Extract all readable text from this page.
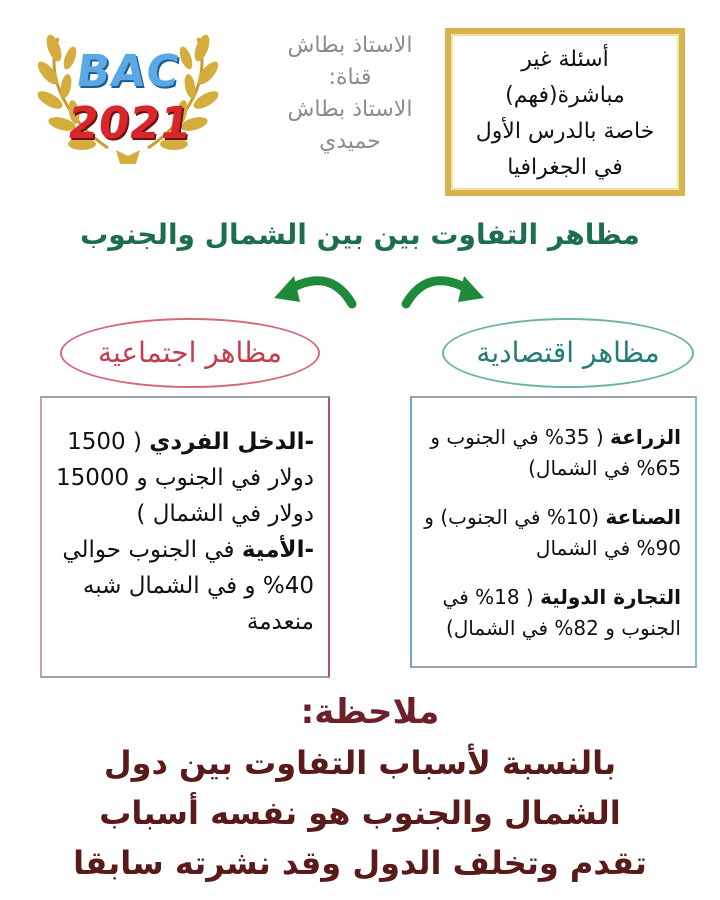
BAC
2021
الاستاذ بطاش
قناة:
الاستاذ بطاش
حميدي
أسئلة غير
مباشرة(فهم)
خاصة بالدرس الأول
في الجغرافيا
مظاهر التفاوت بين بين الشمال والجنوب
مظاهر اجتماعية	مظاهر اقتصادية
-الدخل الفردي ( 1500 دولار في الجنوب و 15000 دولار في الشمال )
-الأمية في الجنوب حوالي 40% و في الشمال شبه منعدمة
الزراعة ( 35% في الجنوب و 65% في الشمال)
الصناعة (10% في الجنوب) و 90% في الشمال
التجارة الدولية ( 18% في الجنوب و 82% في الشمال)
ملاحظة:
بالنسبة لأسباب التفاوت بين دول الشمال والجنوب هو نفسه أسباب تقدم وتخلف الدول وقد نشرته سابقا
